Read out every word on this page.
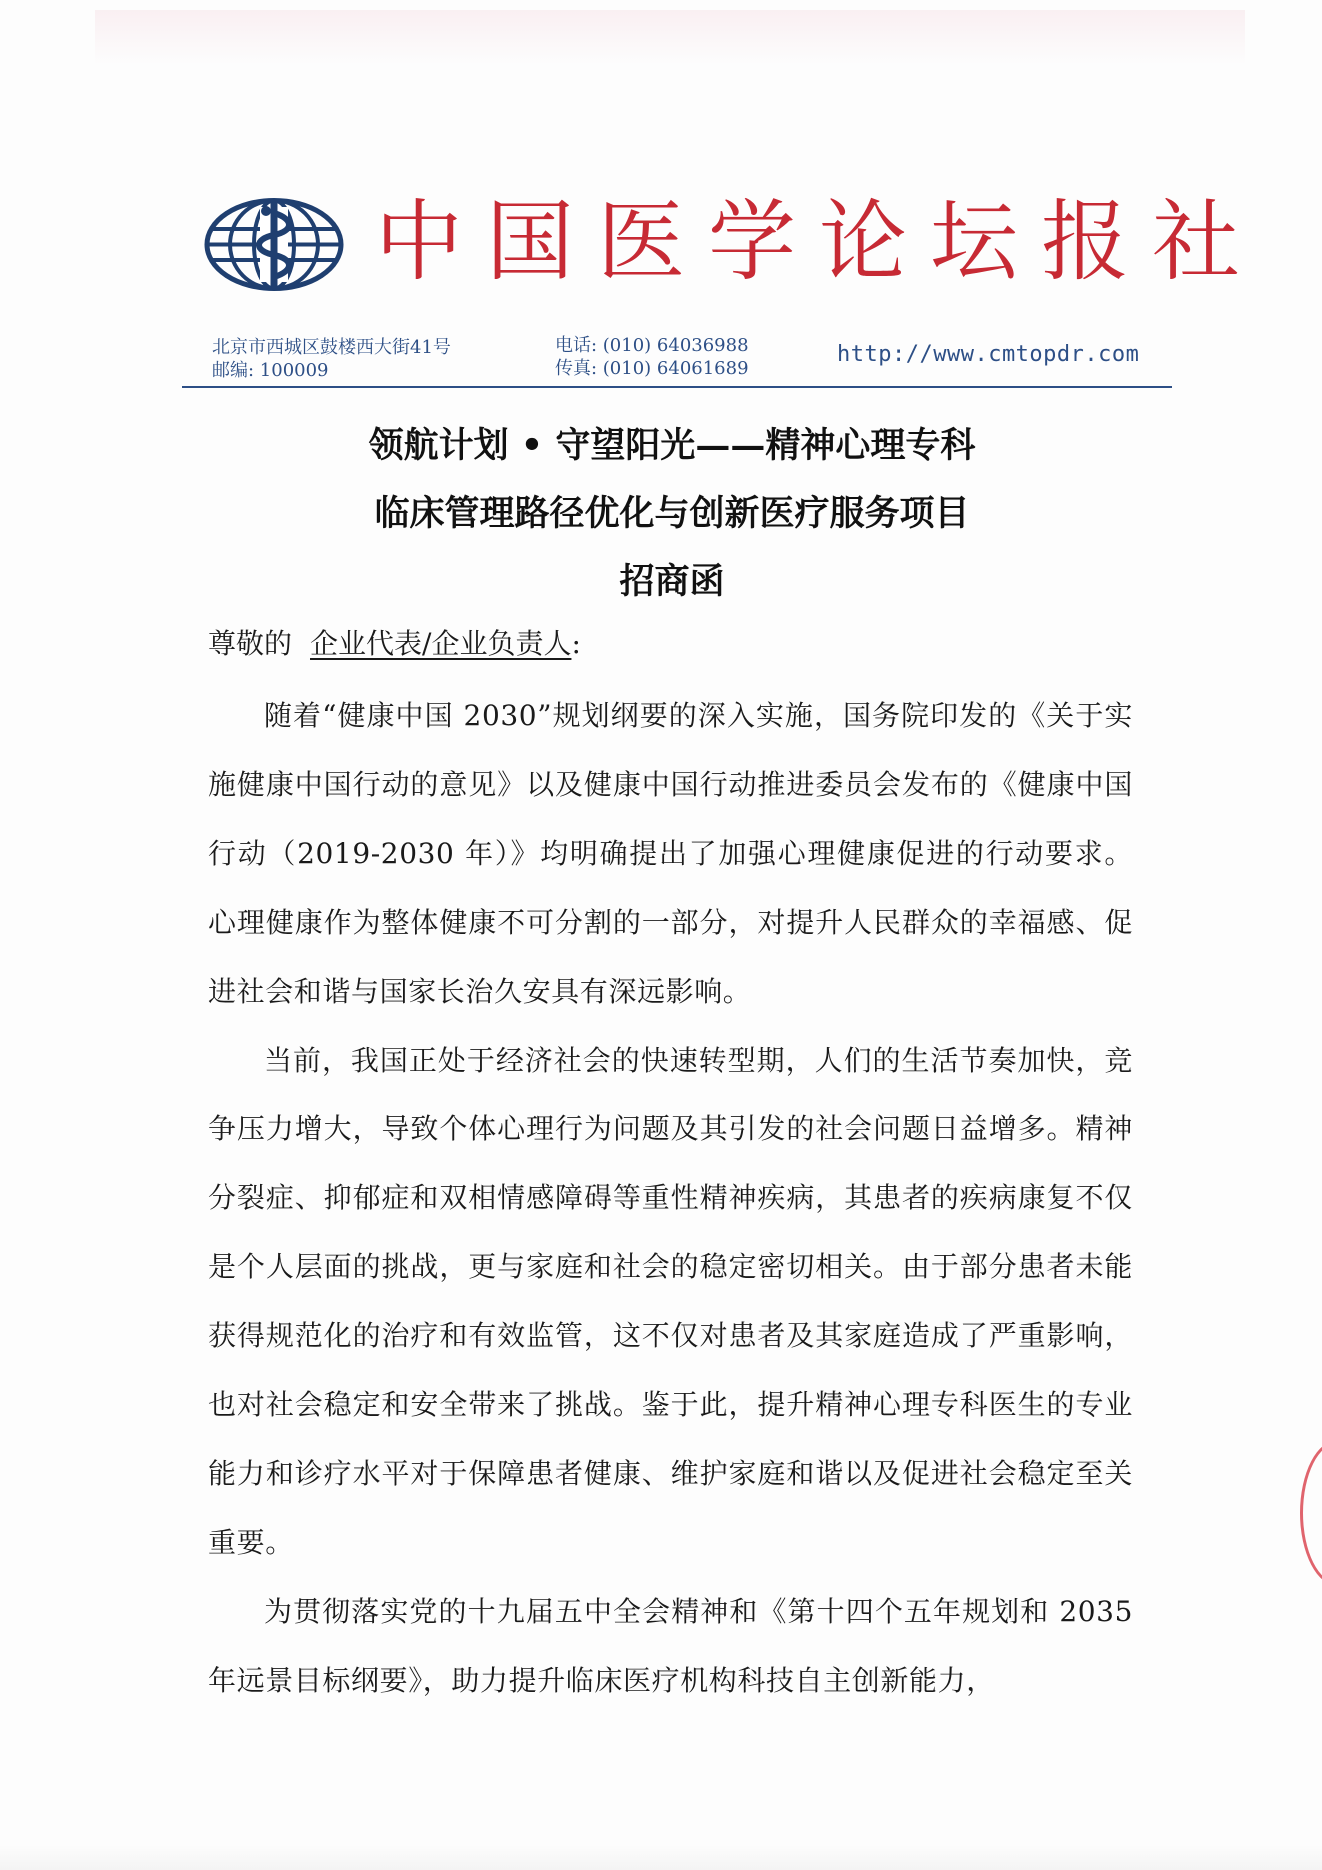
中国医学论坛报社
北京市西城区鼓楼西大街41号
邮编: 100009
电话: (010) 64036988
传真: (010) 64061689
http://www.cmtopdr.com
领航计划 • 守望阳光——精神心理专科
临床管理路径优化与创新医疗服务项目
招商函
尊敬的 企业代表/企业负责人:

随着“健康中国 2030”规划纲要的深入实施，国务院印发的《关于实施健康中国行动的意见》以及健康中国行动推进委员会发布的《健康中国行动（2019-2030 年）》均明确提出了加强心理健康促进的行动要求。心理健康作为整体健康不可分割的一部分，对提升人民群众的幸福感、促进社会和谐与国家长治久安具有深远影响。

当前，我国正处于经济社会的快速转型期，人们的生活节奏加快，竞争压力增大，导致个体心理行为问题及其引发的社会问题日益增多。精神分裂症、抑郁症和双相情感障碍等重性精神疾病，其患者的疾病康复不仅是个人层面的挑战，更与家庭和社会的稳定密切相关。由于部分患者未能获得规范化的治疗和有效监管，这不仅对患者及其家庭造成了严重影响，也对社会稳定和安全带来了挑战。鉴于此，提升精神心理专科医生的专业能力和诊疗水平对于保障患者健康、维护家庭和谐以及促进社会稳定至关重要。

为贯彻落实党的十九届五中全会精神和《第十四个五年规划和 2035 年远景目标纲要》，助力提升临床医疗机构科技自主创新能力，
